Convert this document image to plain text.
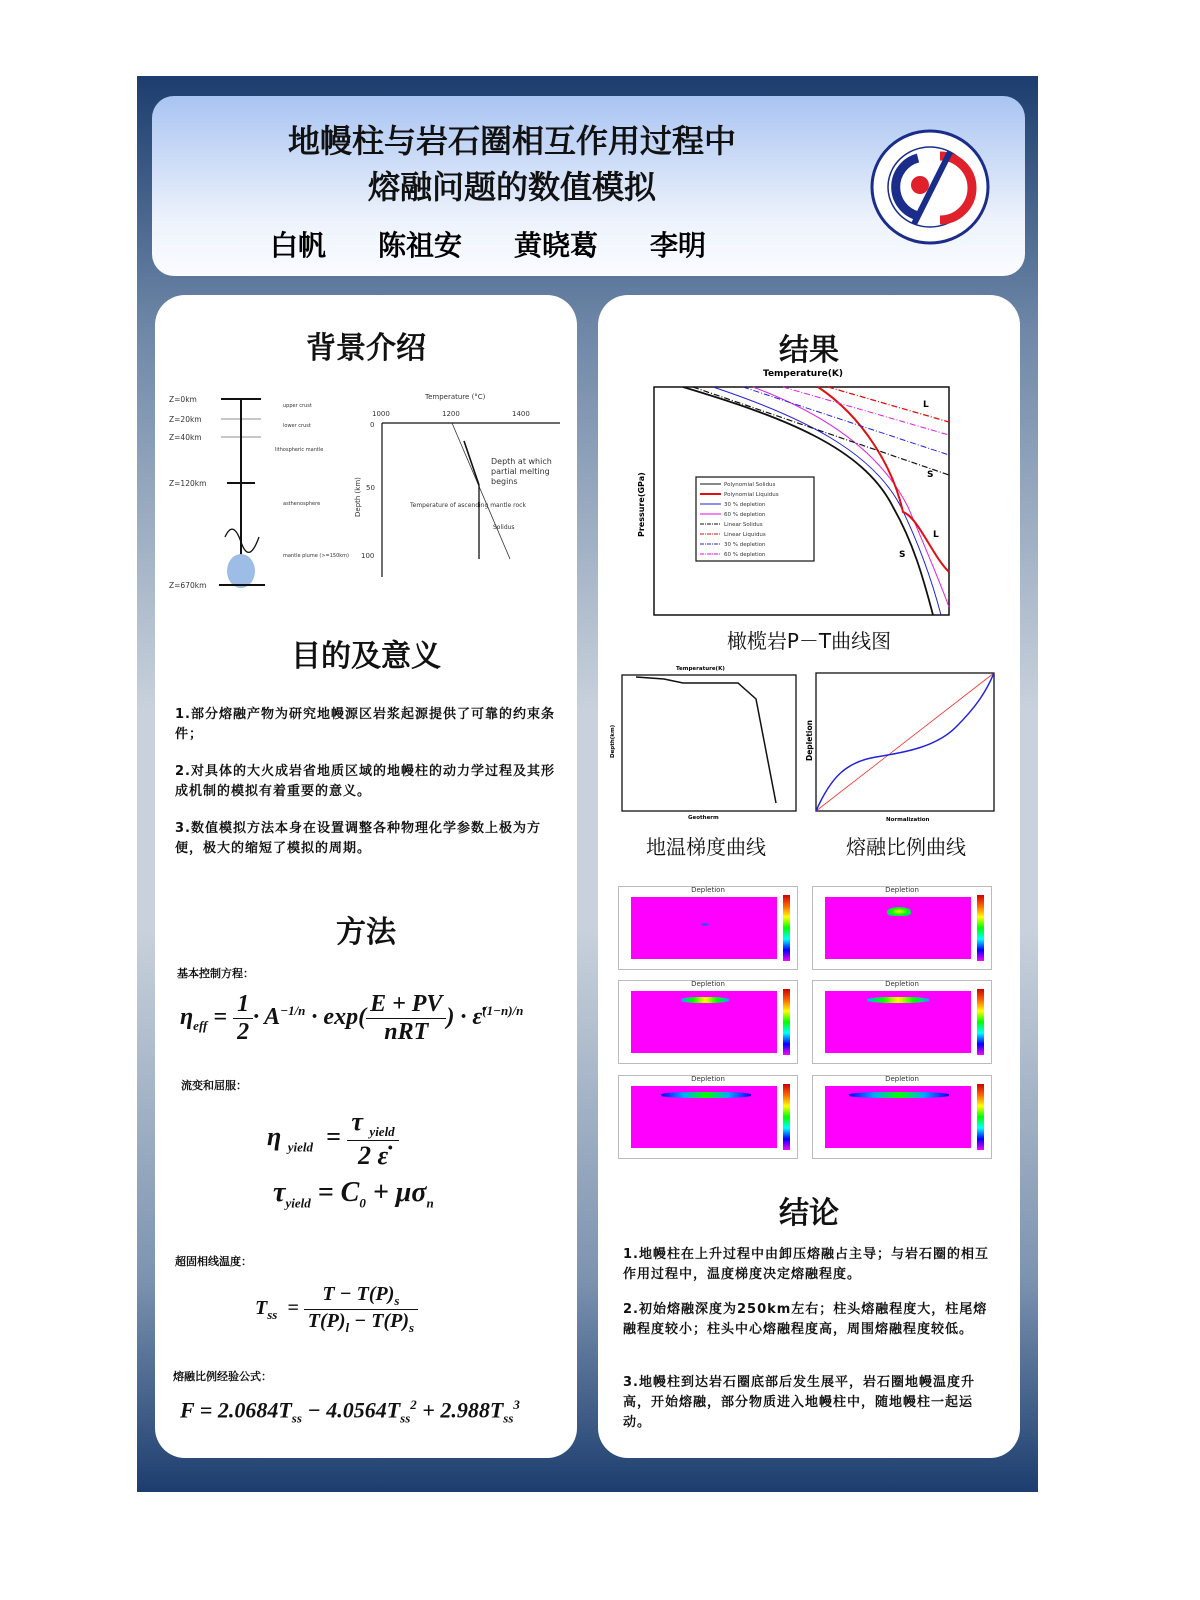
地幔柱与岩石圈相互作用过程中
熔融问题的数值模拟
白帆 陈祖安 黄晓葛 李明
背景介绍
Z=0km
Z=20km
Z=40km
Z=120km
Z=670km
upper crust
lower crust
lithospheric mantle
asthenosphere
mantle plume (>=150km)
Temperature (°C)
1000	1200	1400
0
50
100
Depth (km)	Temperature of ascending mantle rock
Solidus
Depth at which partial melting begins
目的及意义
1.部分熔融产物为研究地幔源区岩浆起源提供了可靠的约束条件；
2.对具体的大火成岩省地质区域的地幔柱的动力学过程及其形成机制的模拟有着重要的意义。
3.数值模拟方法本身在设置调整各种物理化学参数上极为方便，极大的缩短了模拟的周期。
方法
基本控制方程：
$\eta_{eff} = \frac{1}{2} \cdot A^{-1/n} \cdot \exp( \frac{E + PV}{\text{nRT}}$ ) · ε̇$^{(1-n)/n}$
流变和屈服：
η $_{yield} = \frac{\tau _{yield}}{2 \varepsiloṅ}$
$\tau_{yield} = C_0 + \mu\sigma_n$
超固相线温度：
$T_{ss} = \frac{T - T(P)_s}{T(P)_l - T(P)_s}$
熔融比例经验公式：
$F = 2.0684T_{ss} - 4.0564T_{ss}^2 + 2.988T_{ss}^3$
结果
Temperature(K)
Pressure(GPa)
L
S
L
S
Polynomial Solidus
Polynomial Liquidus
30 % depletion
60 % depletion
Linear Solidus
Linear Liquidus
30 % depletion
60 % depletion
橄榄岩P－T曲线图
Temperature(K)
Depth(km)
Geotherm
Depletion
Normalization
地温梯度曲线	熔融比例曲线
Depletion	Depletion
Depletion	Depletion
Depletion	Depletion
结论
1.地幔柱在上升过程中由卸压熔融占主导；与岩石圈的相互作用过程中，温度梯度决定熔融程度。
2.初始熔融深度为250km左右；柱头熔融程度大，柱尾熔融程度较小；柱头中心熔融程度高，周围熔融程度较低。
3.地幔柱到达岩石圈底部后发生展平，岩石圈地幔温度升高，开始熔融，部分物质进入地幔柱中，随地幔柱一起运动。
